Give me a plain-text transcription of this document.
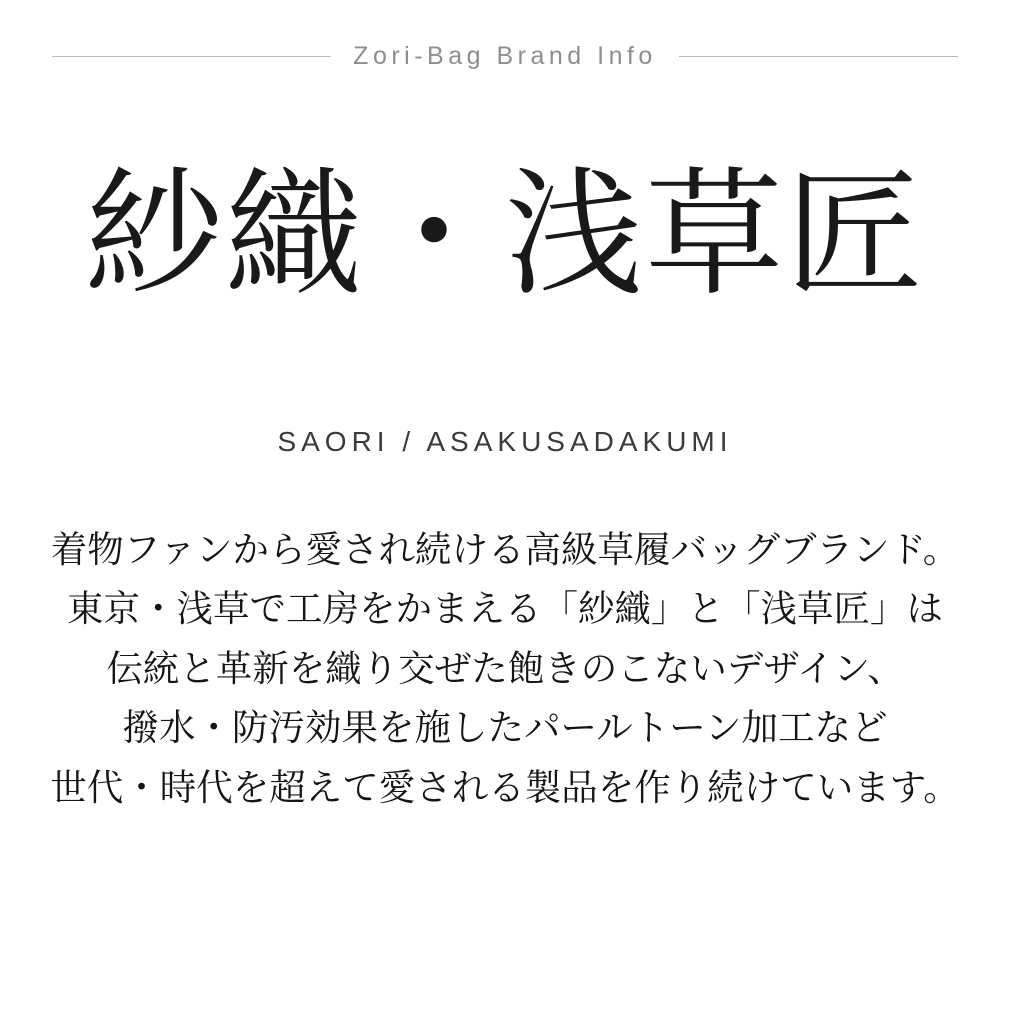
Zori-Bag Brand Info
紗織・浅草匠
SAORI / ASAKUSADAKUMI
着物ファンから愛され続ける高級草履バッグブランド。
東京・浅草で工房をかまえる「紗織」と「浅草匠」は
伝統と革新を織り交ぜた飽きのこないデザイン、
撥水・防汚効果を施したパールトーン加工など
世代・時代を超えて愛される製品を作り続けています。
